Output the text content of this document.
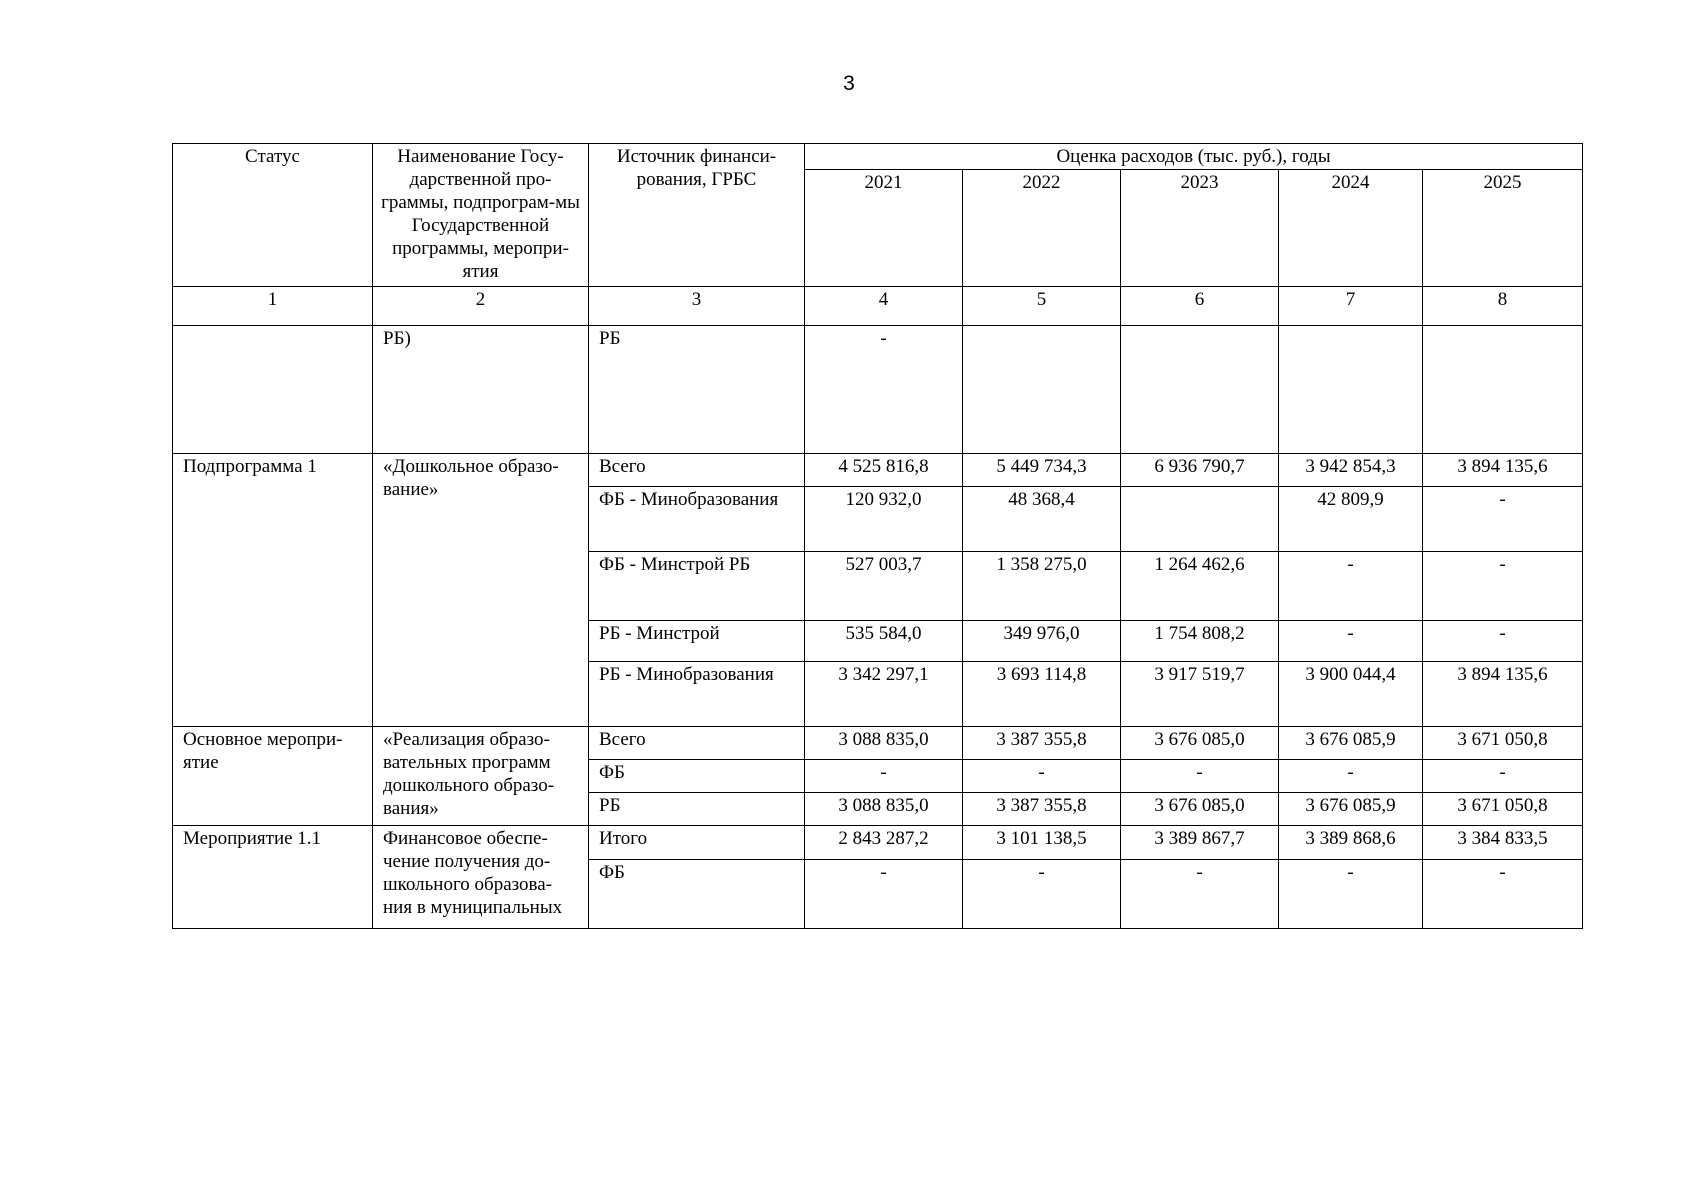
3
Статус	Наименование Госу-дарственной про-граммы, подпрограм-мы Государственной программы, меропри-ятия	Источник финанси-рования, ГРБС	Оценка расходов (тыс. руб.), годы				
			2021	2022	2023	2024	2025
1	2	3	4	5	6	7	8
	РБ)	РБ	-				
Подпрограмма 1	«Дошкольное образо-вание»	Всего	4 525 816,8	5 449 734,3	6 936 790,7	3 942 854,3	3 894 135,6
		ФБ - Минобразования	120 932,0	48 368,4		42 809,9	-
		ФБ - Минстрой РБ	527 003,7	1 358 275,0	1 264 462,6	-	-
		РБ - Минстрой	535 584,0	349 976,0	1 754 808,2	-	-
		РБ - Минобразования	3 342 297,1	3 693 114,8	3 917 519,7	3 900 044,4	3 894 135,6
Основное меропри-ятие	«Реализация образо-вательных программ дошкольного образо-вания»	Всего	3 088 835,0	3 387 355,8	3 676 085,0	3 676 085,9	3 671 050,8
		ФБ	-	-	-	-	-
		РБ	3 088 835,0	3 387 355,8	3 676 085,0	3 676 085,9	3 671 050,8
Мероприятие 1.1	Финансовое обеспе-чение получения до-школьного образова-ния в муниципальных	Итого	2 843 287,2	3 101 138,5	3 389 867,7	3 389 868,6	3 384 833,5
		ФБ	-	-	-	-	-
